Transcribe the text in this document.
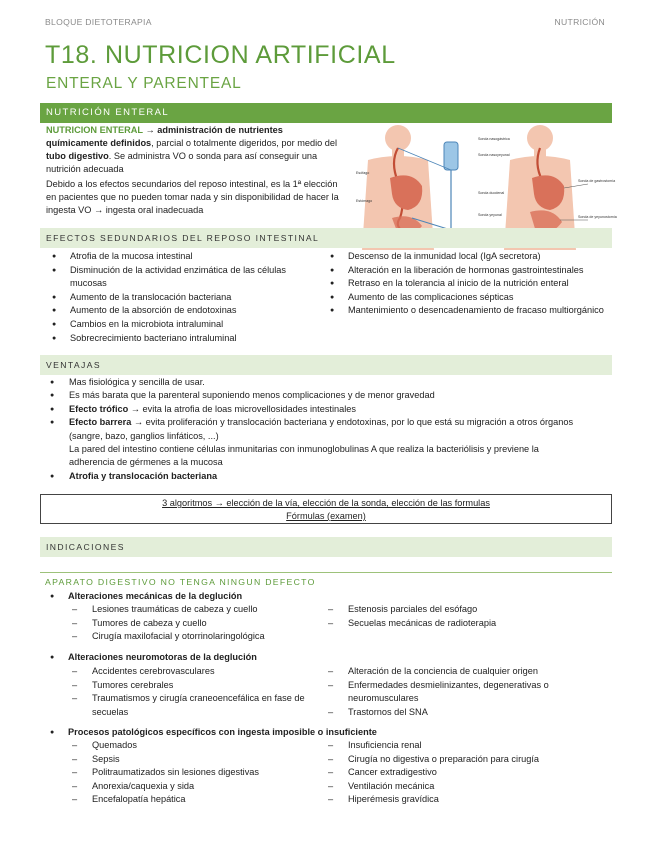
BLOQUE DIETOTERAPIA	NUTRICIÓN
T18. NUTRICION ARTIFICIAL
ENTERAL Y PARENTEAL
NUTRICIÓN ENTERAL
NUTRICION ENTERAL → administración de nutrientes químicamente definidos, parcial o totalmente digeridos, por medio del tubo digestivo. Se administra VO o sonda para así conseguir una nutrición adecuada
Debido a los efectos secundarios del reposo intestinal, es la 1ª elección en pacientes que no pueden tomar nada y sin disponibilidad de hacer la ingesta VO → ingesta oral inadecuada
Esófago
Estómago
Sonda nasogástrica
Sonda nasoyeyunal
Sonda duodenal
Sonda yeyunal
Sonda de gastrostomía
Sonda de yeyunostomía
EFECTOS SEDUNDARIOS DEL REPOSO INTESTINAL
● Atrofia de la mucosa intestinal
● Disminución de la actividad enzimática de las células mucosas
● Aumento de la translocación bacteriana
● Aumento de la absorción de endotoxinas
● Cambios en la microbiota intraluminal
● Sobrecrecimiento bacteriano intraluminal
● Descenso de la inmunidad local (IgA secretora)
● Alteración en la liberación de hormonas gastrointestinales
● Retraso en la tolerancia al inicio de la nutrición enteral
● Aumento de las complicaciones sépticas
● Mantenimiento o desencadenamiento de fracaso multiorgánico
VENTAJAS
● Mas fisiológica y sencilla de usar.
● Es más barata que la parenteral suponiendo menos complicaciones y de menor gravedad
● Efecto trófico → evita la atrofia de loas microvellosidades intestinales
● Efecto barrera → evita proliferación y translocación bacteriana y endotoxinas, por lo que está su migración a otros órganos (sangre, bazo, ganglios linfáticos, ...)
La pared del intestino contiene células inmunitarias con inmunoglobulinas A que realiza la bacteriólisis y previene la adherencia de gérmenes a la mucosa
● Atrofia y translocación bacteriana
3 algoritmos → elección de la vía, elección de la sonda, elección de las formulas
Fórmulas (examen)
INDICACIONES
APARATO DIGESTIVO NO TENGA NINGUN DEFECTO
● Alteraciones mecánicas de la deglución
– Lesiones traumáticas de cabeza y cuello
– Tumores de cabeza y cuello
– Cirugía maxilofacial y otorrinolaringológica
– Estenosis parciales del esófago
– Secuelas mecánicas de radioterapia
● Alteraciones neuromotoras de la deglución
– Accidentes cerebrovasculares
– Tumores cerebrales
– Traumatismos y cirugía craneoencefálica en fase de secuelas
– Alteración de la conciencia de cualquier origen
– Enfermedades desmielinizantes, degenerativas o neuromusculares
– Trastornos del SNA
● Procesos patológicos específicos con ingesta imposible o insuficiente
– Quemados
– Sepsis
– Politraumatizados sin lesiones digestivas
– Anorexia/caquexia y sida
– Encefalopatía hepática
– Insuficiencia renal
– Cirugía no digestiva o preparación para cirugía
– Cancer extradigestivo
– Ventilación mecánica
– Hiperémesis gravídica
